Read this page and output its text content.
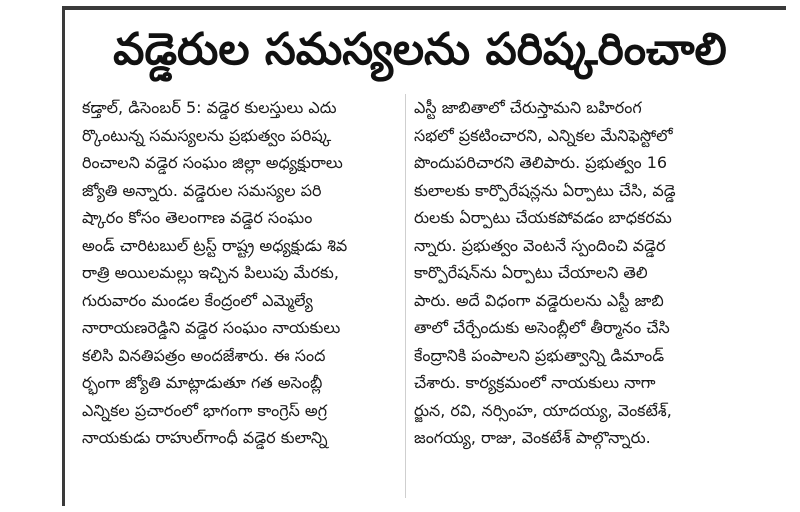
వడ్డెరుల సమస్యలను పరిష్కరించాలి
కడ్తాల్, డిసెంబర్ 5: వడ్డెర కులస్తులు ఎదు
ర్కొంటున్న సమస్యలను ప్రభుత్వం పరిష్క
రించాలని వడ్డెర సంఘం జిల్లా అధ్యక్షురాలు
జ్యోతి అన్నారు. వడ్డెరుల సమస్యల పరి
ష్కారం కోసం తెలంగాణ వడ్డెర సంఘం
అండ్ చారిటబుల్ ట్రస్ట్ రాష్ట్ర అధ్యక్షుడు శివ
రాత్రి అయిలమల్లు ఇచ్చిన పిలుపు మేరకు,
గురువారం మండల కేంద్రంలో ఎమ్మెల్యే
నారాయణరెడ్డిని వడ్డెర సంఘం నాయకులు
కలిసి వినతిపత్రం అందజేశారు. ఈ సంద
ర్భంగా జ్యోతి మాట్లాడుతూ గత అసెంబ్లీ
ఎన్నికల ప్రచారంలో భాగంగా కాంగ్రెస్ అగ్ర
నాయకుడు రాహుల్‌గాంధీ వడ్డెర కులాన్ని
ఎస్టీ జాబితాలో చేరుస్తామని బహిరంగ
సభలో ప్రకటించారని, ఎన్నికల మేనిఫెస్టోలో
పొందుపరిచారని తెలిపారు. ప్రభుత్వం 16
కులాలకు కార్పొరేషన్లను ఏర్పాటు చేసి, వడ్డె
రులకు ఏర్పాటు చేయకపోవడం బాధకరమ
న్నారు. ప్రభుత్వం వెంటనే స్పందించి వడ్డెర
కార్పొరేషన్‌ను ఏర్పాటు చేయాలని తెలి
పారు. అదే విధంగా వడ్డెరులను ఎస్టీ జాబి
తాలో చేర్చేందుకు అసెంబ్లీలో తీర్మానం చేసి
కేంద్రానికి పంపాలని ప్రభుత్వాన్ని డిమాండ్
చేశారు. కార్యక్రమంలో నాయకులు నాగా
ర్జున, రవి, నర్సింహ, యాదయ్య, వెంకటేశ్,
జంగయ్య, రాజు, వెంకటేశ్ పాల్గొన్నారు.
